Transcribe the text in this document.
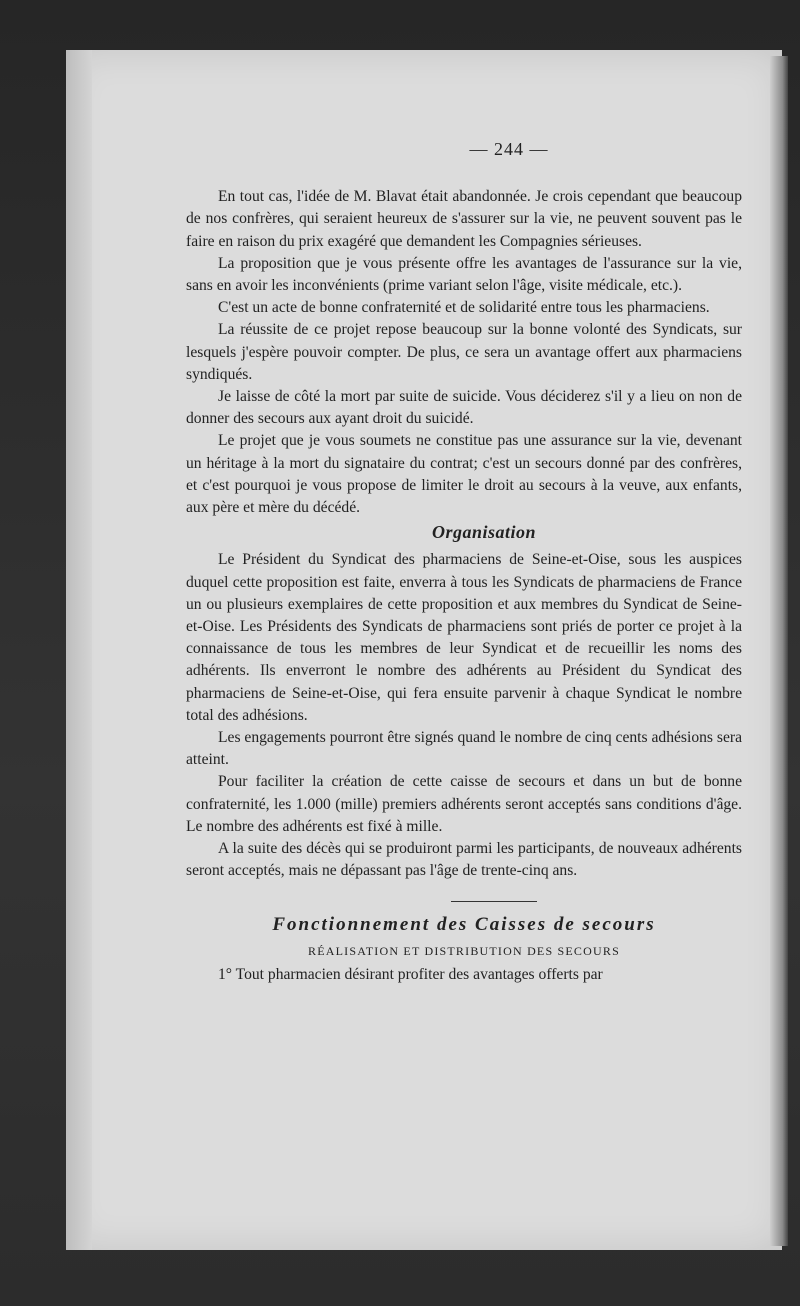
— 244 —

En tout cas, l'idée de M. Blavat était abandonnée. Je crois cependant que beaucoup de nos confrères, qui seraient heureux de s'assurer sur la vie, ne peuvent souvent pas le faire en raison du prix exagéré que demandent les Compagnies sérieuses.

La proposition que je vous présente offre les avantages de l'assurance sur la vie, sans en avoir les inconvénients (prime variant selon l'âge, visite médicale, etc.).

C'est un acte de bonne confraternité et de solidarité entre tous les pharmaciens.

La réussite de ce projet repose beaucoup sur la bonne volonté des Syndicats, sur lesquels j'espère pouvoir compter. De plus, ce sera un avantage offert aux pharmaciens syndiqués.

Je laisse de côté la mort par suite de suicide. Vous déciderez s'il y a lieu on non de donner des secours aux ayant droit du suicidé.

Le projet que je vous soumets ne constitue pas une assurance sur la vie, devenant un héritage à la mort du signataire du contrat; c'est un secours donné par des confrères, et c'est pourquoi je vous propose de limiter le droit au secours à la veuve, aux enfants, aux père et mère du décédé.

Organisation

Le Président du Syndicat des pharmaciens de Seine-et-Oise, sous les auspices duquel cette proposition est faite, enverra à tous les Syndicats de pharmaciens de France un ou plusieurs exemplaires de cette proposition et aux membres du Syndicat de Seine-et-Oise. Les Présidents des Syndicats de pharmaciens sont priés de porter ce projet à la connaissance de tous les membres de leur Syndicat et de recueillir les noms des adhérents. Ils enverront le nombre des adhérents au Président du Syndicat des pharmaciens de Seine-et-Oise, qui fera ensuite parvenir à chaque Syndicat le nombre total des adhésions.

Les engagements pourront être signés quand le nombre de cinq cents adhésions sera atteint.

Pour faciliter la création de cette caisse de secours et dans un but de bonne confraternité, les 1.000 (mille) premiers adhérents seront acceptés sans conditions d'âge. Le nombre des adhérents est fixé à mille.

A la suite des décès qui se produiront parmi les participants, de nouveaux adhérents seront acceptés, mais ne dépassant pas l'âge de trente-cinq ans.

Fonctionnement des Caisses de secours
RÉALISATION ET DISTRIBUTION DES SECOURS

1° Tout pharmacien désirant profiter des avantages offerts par
